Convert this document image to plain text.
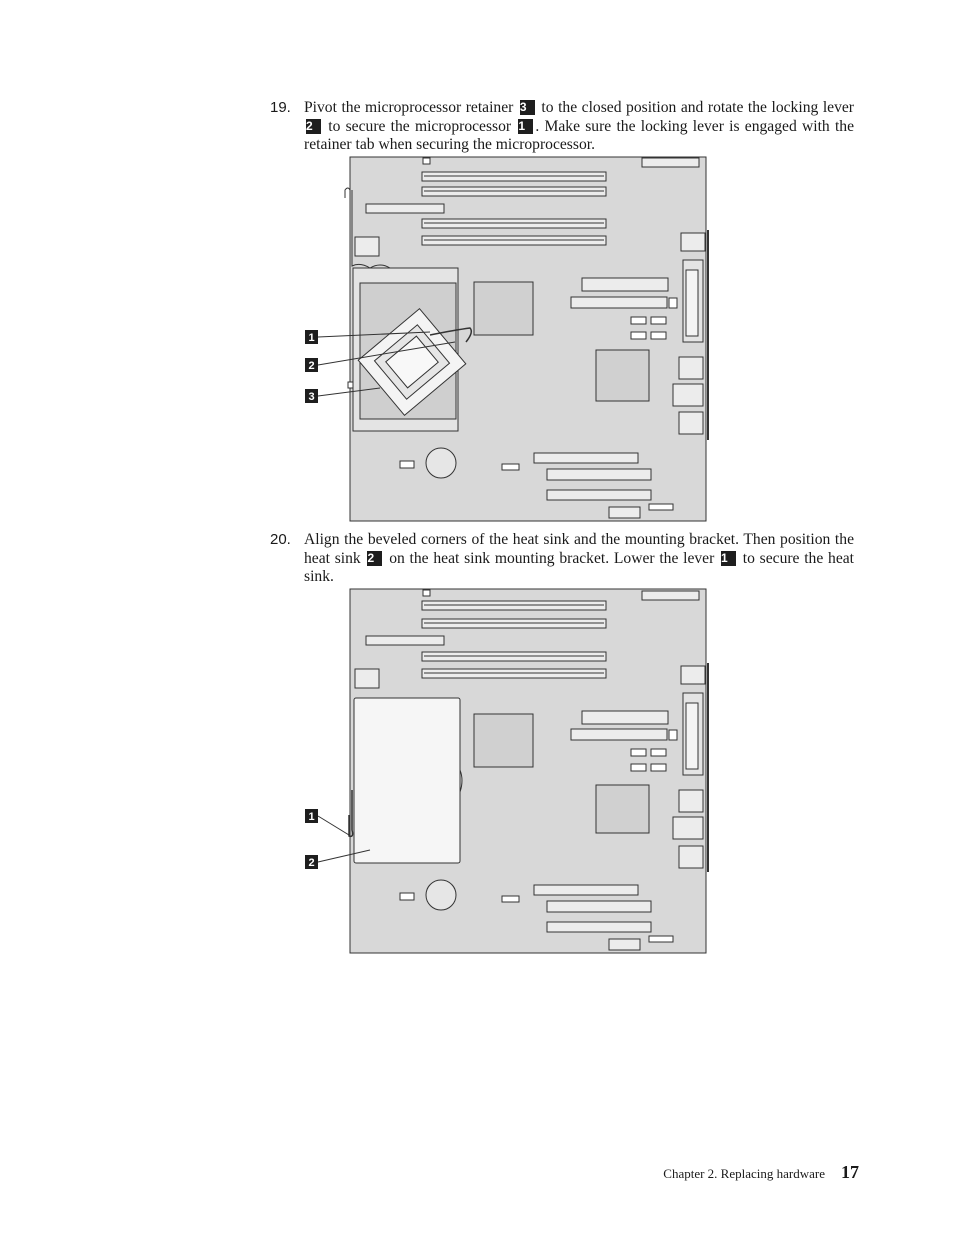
19. Pivot the microprocessor retainer 3 to the closed position and rotate the locking lever 2 to secure the microprocessor 1 . Make sure the locking lever is engaged with the retainer tab when securing the microprocessor.
1
2
3
20. Align the beveled corners of the heat sink and the mounting bracket. Then position the heat sink 2 on the heat sink mounting bracket. Lower the lever 1 to secure the heat sink.
1
2
Chapter 2. Replacing hardware 17
